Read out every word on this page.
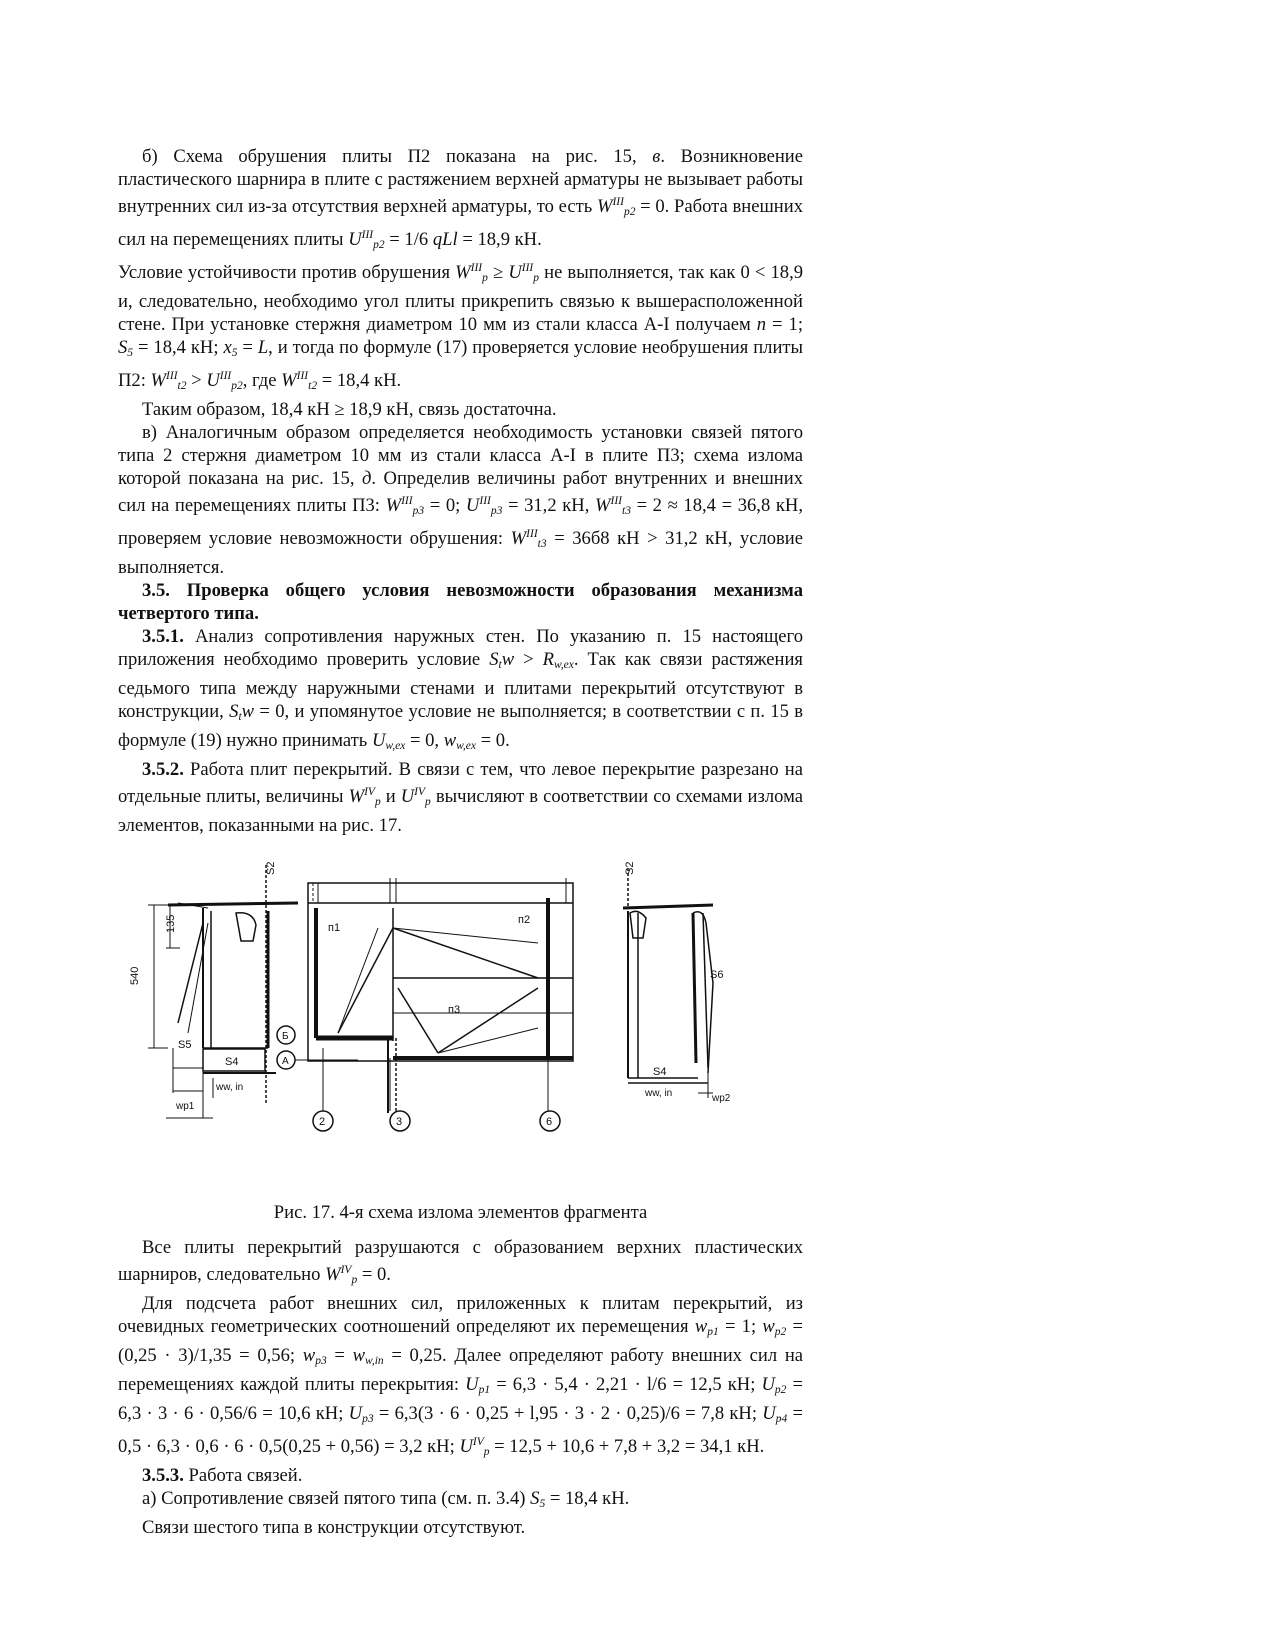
б) Схема обрушения плиты П2 показана на рис. 15, в. Возникновение пластического шарнира в плите с растяжением верхней арматуры не вызывает работы внутренних сил из-за отсутствия верхней арматуры, то есть $W^{III}_{p2} = 0$. Работа внешних сил на перемещениях плиты $U^{III}_{p2} = 1/6$ qLl = 18,9 кН.

Условие устойчивости против обрушения $W^{III}_p \ge U^{III}_p$ не выполняется, так как 0 < 18,9 и, следовательно, необходимо угол плиты прикрепить связью к вышерасположенной стене. При установке стержня диаметром 10 мм из стали класса А-I получаем n = 1; $S_5 = 18,4$ кН; $x_5 = L$, и тогда по формуле (17) проверяется условие необрушения плиты П2: $W^{III}_{t2} > U^{III}_{p2}$, где $W^{III}_{t2} = 18,4$ кН.

Таким образом, 18,4 кН ≥ 18,9 кН, связь достаточна.

в) Аналогичным образом определяется необходимость установки связей пятого типа 2 стержня диаметром 10 мм из стали класса А-I в плите П3; схема излома которой показана на рис. 15, д. Определив величины работ внутренних и внешних сил на перемещениях плиты П3: $W^{III}_{p3} = 0$; $U^{III}_{p3} = 31,2$ кН, $W^{III}_{t3} = 2 \approx 18,4 = 36,8$ кН, проверяем условие невозможности обрушения: $W^{III}_{t3} = 36б8$ кН > 31,2 кН, условие выполняется.

3.5. Проверка общего условия невозможности образования механизма четвертого типа.

3.5.1. Анализ сопротивления наружных стен. По указанию п. 15 настоящего приложения необходимо проверить условие $S_tw > R_{w,ex}$. Так как связи растяжения седьмого типа между наружными стенами и плитами перекрытий отсутствуют в конструкции, $S_tw = 0$, и упомянутое условие не выполняется; в соответствии с п. 15 в формуле (19) нужно принимать $U_{w,ex} = 0$, $w_{w,ex} = 0$.

3.5.2. Работа плит перекрытий. В связи с тем, что левое перекрытие разрезано на отдельные плиты, величины $W^{IV}_p$ и $U^{IV}_p$ вычисляют в соответствии со схемами излома элементов, показанными на рис. 17.

540
135
S2	S2
п1
п2
п3
S5
S4
S4
S6
ww, in
ww, in
wp1
wp2
Б
А
2	3	6

Рис. 17. 4-я схема излома элементов фрагмента

Все плиты перекрытий разрушаются с образованием верхних пластических шарниров, следовательно $W^{IV}_p = 0$.

Для подсчета работ внешних сил, приложенных к плитам перекрытий, из очевидных геометрических соотношений определяют их перемещения $w_{p1} = 1$; $w_{p2} = (0,25 \cdot 3)/1,35 = 0,56$; $w_{p3} = w_{w,in} = 0,25$. Далее определяют работу внешних сил на перемещениях каждой плиты перекрытия: $U_{p1} = 6,3 \cdot 5,4 \cdot 2,21 \cdot l/6 = 12,5$ кН; $U_{p2} = 6,3 \cdot 3 \cdot 6 \cdot 0,56/6 = 10,6$ кН; $U_{p3} = 6,3(3 \cdot 6 \cdot 0,25 + l,95 \cdot 3 \cdot 2 \cdot 0,25)/6 = 7,8$ кН; $U_{p4} = 0,5 \cdot 6,3 \cdot 0,6 \cdot 6 \cdot 0,5(0,25 + 0,56) = 3,2$ кН; $U^{IV}_p = 12,5 + 10,6 + 7,8 + 3,2 = 34,1$ кН.

3.5.3. Работа связей.

а) Сопротивление связей пятого типа (см. п. 3.4) $S_5 = 18,4$ кН.

Связи шестого типа в конструкции отсутствуют.
